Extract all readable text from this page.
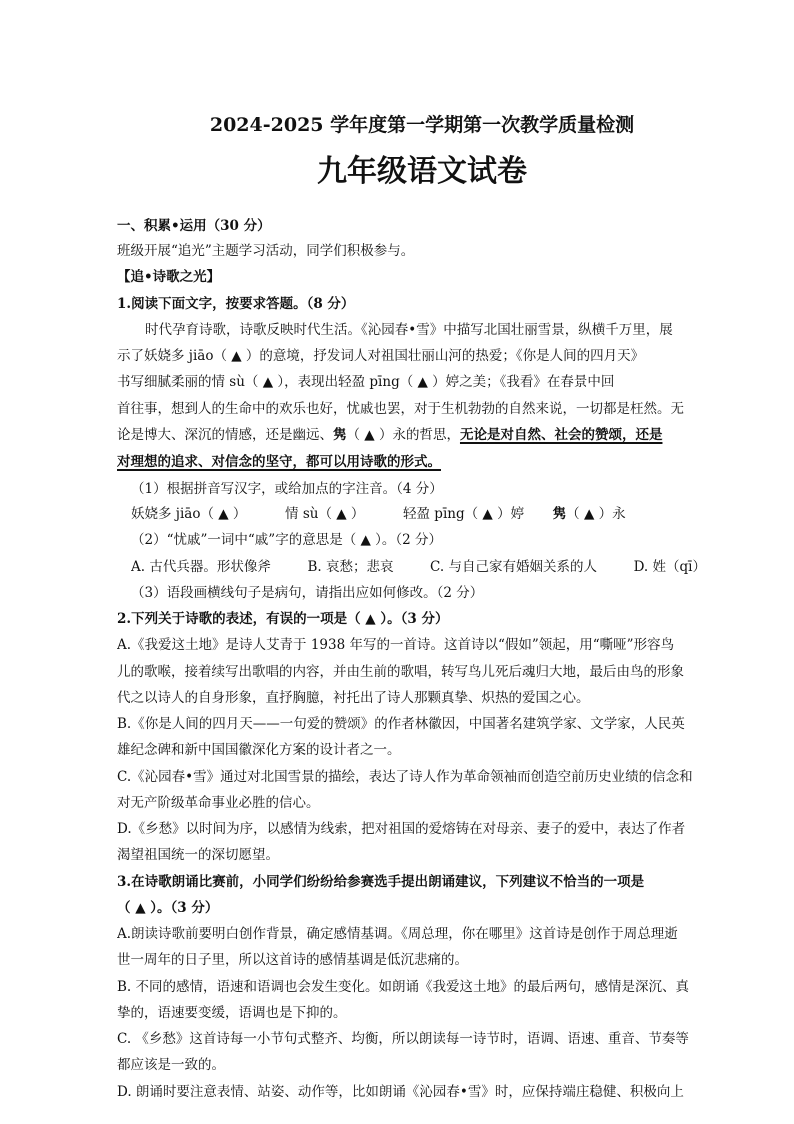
2024-2025 学年度第一学期第一次教学质量检测
九年级语文试卷
一、积累•运用（30 分）
班级开展“追光”主题学习活动，同学们积极参与。
【追•诗歌之光】
1.阅读下面文字，按要求答题。（8 分）
时代孕育诗歌，诗歌反映时代生活。《沁园春•雪》中描写北国壮丽雪景，纵横千万里，展
示了妖娆多 jiāo（ ▲ ）的意境，抒发词人对祖国壮丽山河的热爱；《你是人间的四月天》
书写细腻柔丽的情 sù（ ▲ ），表现出轻盈 pīng（ ▲ ）婷之美；《我看》在春景中回
首往事，想到人的生命中的欢乐也好，忧戚也罢，对于生机勃勃的自然来说，一切都是枉然。无
论是博大、深沉的情感，还是幽远、隽（ ▲ ）永的哲思，无论是对自然、社会的赞颂，还是
对理想的追求、对信念的坚守，都可以用诗歌的形式。
（1）根据拼音写汉字，或给加点的字注音。（4 分）
妖娆多 jiāo（ ▲ ）	情 sù（ ▲ ）	轻盈 pīng（ ▲ ）婷 隽（ ▲ ）永
（2）“忧戚”一词中“戚”字的意思是（ ▲ ）。（2 分）
A. 古代兵器。形状像斧	B. 哀愁；悲哀	C. 与自己家有婚姻关系的人	D. 姓（qī）
（3）语段画横线句子是病句，请指出应如何修改。（2 分）
2.下列关于诗歌的表述，有误的一项是（ ▲ ）。（3 分）
A.《我爱这土地》是诗人艾青于 1938 年写的一首诗。这首诗以“假如”领起，用“嘶哑”形容鸟
儿的歌喉，接着续写出歌唱的内容，并由生前的歌唱，转写鸟儿死后魂归大地，最后由鸟的形象
代之以诗人的自身形象，直抒胸臆，衬托出了诗人那颗真挚、炽热的爱国之心。
B.《你是人间的四月天——一句爱的赞颂》的作者林徽因，中国著名建筑学家、文学家，人民英
雄纪念碑和新中国国徽深化方案的设计者之一。
C.《沁园春•雪》通过对北国雪景的描绘，表达了诗人作为革命领袖而创造空前历史业绩的信念和
对无产阶级革命事业必胜的信心。
D.《乡愁》以时间为序，以感情为线索，把对祖国的爱熔铸在对母亲、妻子的爱中，表达了作者
渴望祖国统一的深切愿望。
3.在诗歌朗诵比赛前，小同学们纷纷给参赛选手提出朗诵建议，下列建议不恰当的一项是
（ ▲ ）。（3 分）
A.朗读诗歌前要明白创作背景，确定感情基调。《周总理，你在哪里》这首诗是创作于周总理逝
世一周年的日子里，所以这首诗的感情基调是低沉悲痛的。
B. 不同的感情，语速和语调也会发生变化。如朗诵《我爱这土地》的最后两句，感情是深沉、真
挚的，语速要变缓，语调也是下抑的。
C. 《乡愁》这首诗每一小节句式整齐、均衡，所以朗读每一诗节时，语调、语速、重音、节奏等
都应该是一致的。
D. 朗诵时要注意表情、站姿、动作等，比如朗诵《沁园春•雪》时，应保持端庄稳健、积极向上
